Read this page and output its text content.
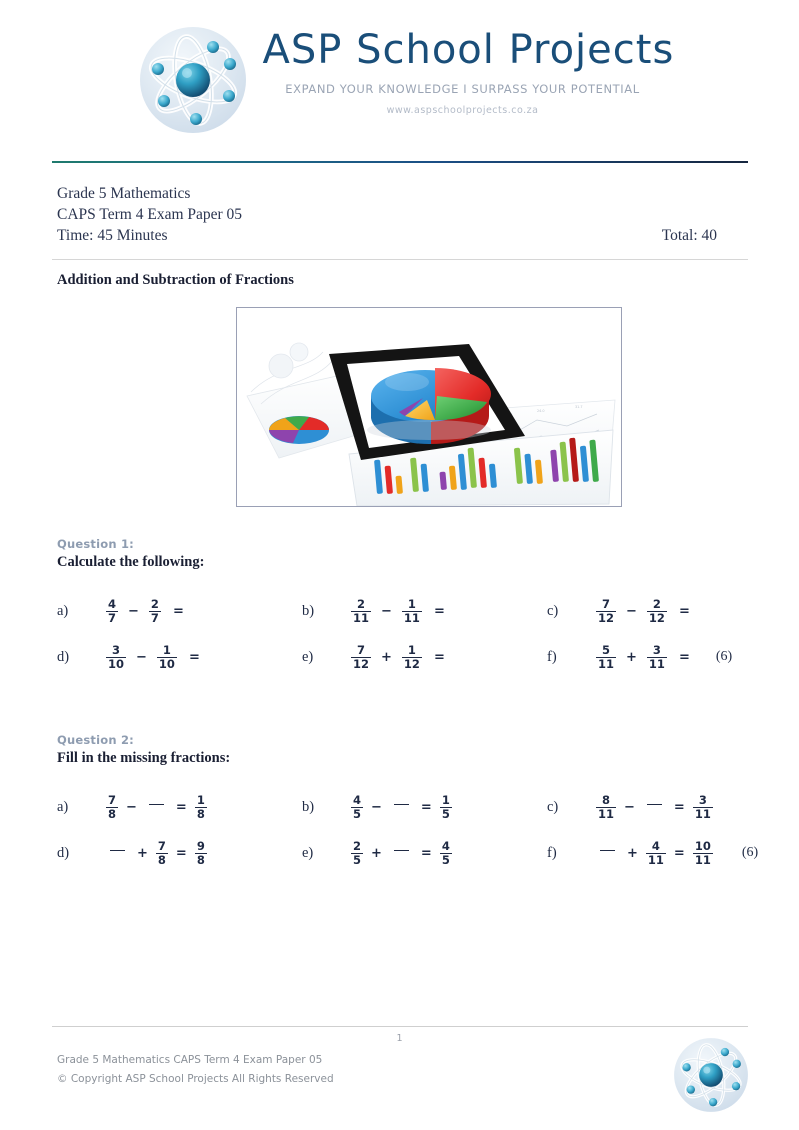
ASP School Projects
EXPAND YOUR KNOWLEDGE I SURPASS YOUR POTENTIAL
www.aspschoolprojects.co.za
Grade 5 Mathematics
CAPS Term 4 Exam Paper 05
Time: 45 Minutes	Total: 40
Addition and Subtraction of Fractions
24.0
31.7
Question 1:
Calculate the following:
a)	$\frac{4}{7} - \frac{2}{7}$ =	b)	$\frac{2}{11} - \frac{1}{11}$ =	c)	$\frac{7}{12} - \frac{2}{12}$ =
d)	$\frac{3}{10} - \frac{1}{10}$ =	e)	$\frac{7}{12} + \frac{1}{12}$ =	f)	$\frac{5}{11} + \frac{3}{11} = (6)$
Question 2:
Fill in the missing fractions:
a)	$\frac{7}{8}$ −	= $\frac{1}{8}$	b)	$\frac{4}{5}$ −	= $\frac{1}{5}$	c)	$\frac{8}{11}$ −	= $\frac{3}{11}$
d)	+ $\frac{7}{8} = \frac{9}{8}$	e)	$\frac{2}{5}$ +	= $\frac{4}{5}$	f)	+ $\frac{4}{11} = \frac{10}{11} (6)$
1
Grade 5 Mathematics CAPS Term 4 Exam Paper 05
© Copyright ASP School Projects All Rights Reserved
